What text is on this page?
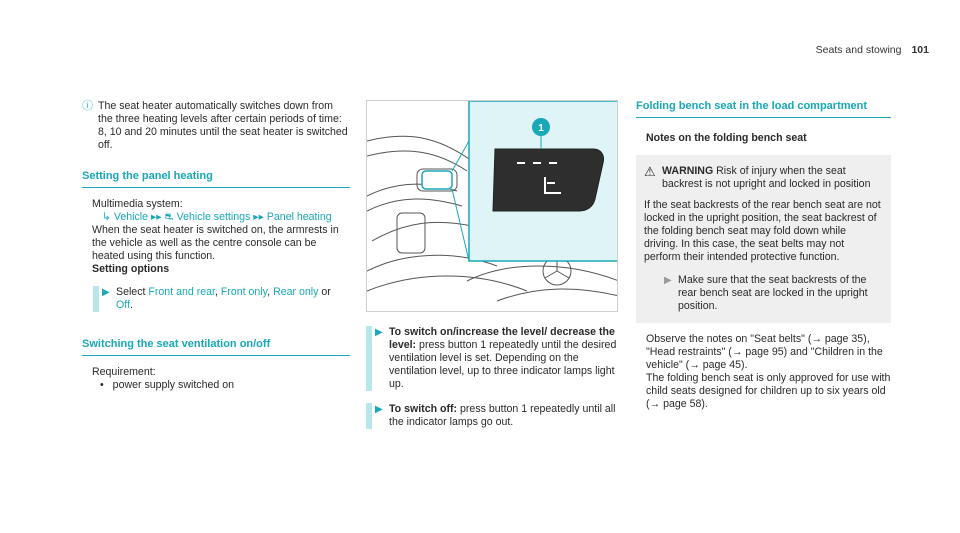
Seats and stowing 101
ⓘ The seat heater automatically switches down from the three heating levels after certain periods of time: 8, 10 and 20 minutes until the seat heater is switched off.
Setting the panel heating
Multimedia system:
↳ Vehicle ▸▸ ⛐ Vehicle settings ▸▸ Panel heating
When the seat heater is switched on, the armrests in the vehicle as well as the centre console can be heated using this function.
Setting options
▶ Select Front and rear, Front only, Rear only or Off.
Switching the seat ventilation on/off
Requirement:
• power supply switched on
1
▶ To switch on/increase the level/ decrease the level: press button 1 repeatedly until the desired ventilation level is set. Depending on the ventilation level, up to three indicator lamps light up.
▶ To switch off: press button 1 repeatedly until all the indicator lamps go out.
Folding bench seat in the load compartment
Notes on the folding bench seat
⚠ WARNING Risk of injury when the seat backrest is not upright and locked in position
If the seat backrests of the rear bench seat are not locked in the upright position, the seat backrest of the folding bench seat may fold down while driving. In this case, the seat belts may not perform their intended protective function.
▶ Make sure that the seat backrests of the rear bench seat are locked in the upright position.
Observe the notes on "Seat belts" (→ page 35), "Head restraints" (→ page 95) and "Children in the vehicle" (→ page 45).
The folding bench seat is only approved for use with child seats designed for children up to six years old (→ page 58).
